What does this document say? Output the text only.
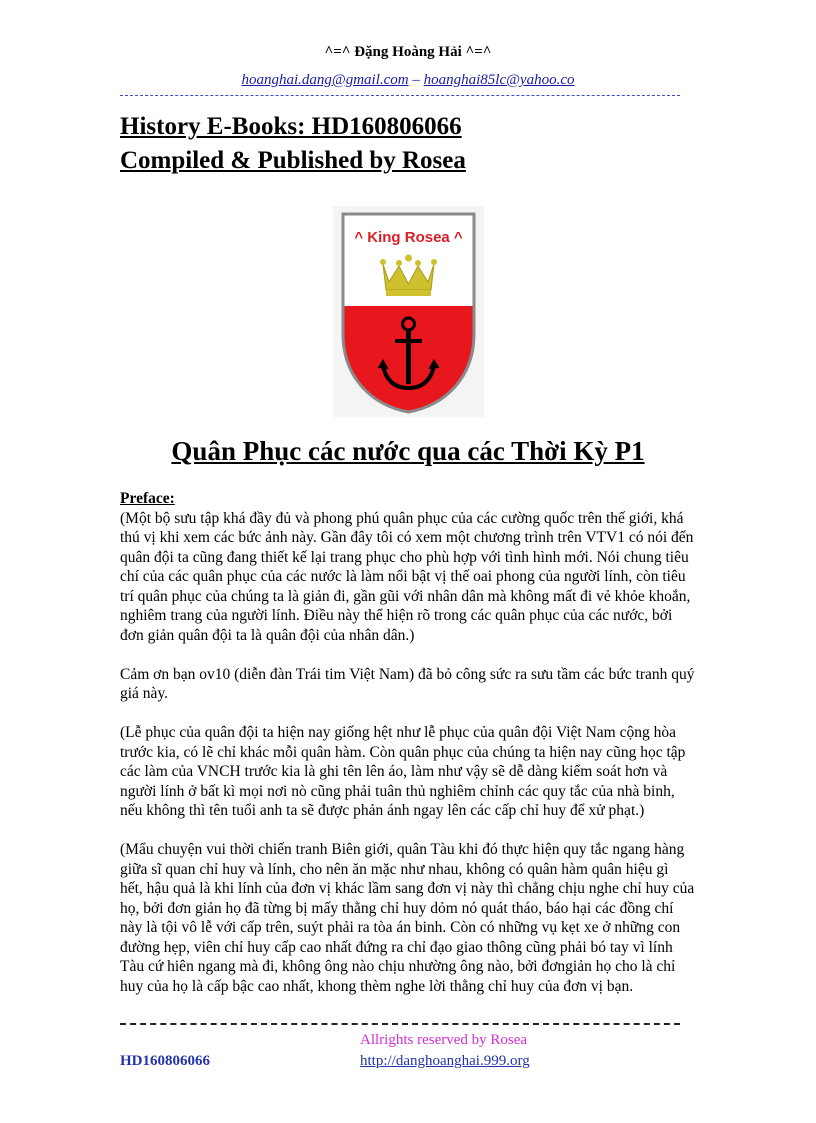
^=^ Đặng Hoàng Hải ^=^
hoanghai.dang@gmail.com – hoanghai85lc@yahoo.co
History E-Books: HD160806066
Compiled & Published by Rosea
^ King Rosea ^
Quân Phục các nước qua các Thời Kỳ P1
Preface:

(Một bộ sưu tập khá đầy đủ và phong phú quân phục của các cường quốc trên thế giới, khá thú vị khi xem các bức ảnh này. Gần đây tôi có xem một chương trình trên VTV1 có nói đến quân đội ta cũng đang thiết kế lại trang phục cho phù hợp với tình hình mới. Nói chung tiêu chí của các quân phục của các nước là làm nổi bật vị thế oai phong của người lính, còn tiêu trí quân phục của chúng ta là giản đi, gần gũi với nhân dân mà không mất đi vẻ khỏe khoắn, nghiêm trang của người lính. Điều này thể hiện rõ trong các quân phục của các nước, bởi đơn giản quân đội ta là quân đội của nhân dân.)

Cảm ơn bạn ov10 (diễn đàn Trái tim Việt Nam) đã bỏ công sức ra sưu tầm các bức tranh quý giá này.

(Lễ phục của quân đội ta hiện nay giống hệt như lễ phục của quân đội Việt Nam cộng hòa trước kia, có lẽ chỉ khác mỗi quân hàm. Còn quân phục của chúng ta hiện nay cũng học tập các làm của VNCH trước kia là ghi tên lên áo, làm như vậy sẽ dễ dàng kiểm soát hơn và người lính ở bất kì mọi nơi nò cũng phải tuân thủ nghiêm chỉnh các quy tắc của nhà binh, nếu không thì tên tuổi anh ta sẽ được phản ánh ngay lên các cấp chỉ huy để xử phạt.)

(Mẩu chuyện vui thời chiến tranh Biên giới, quân Tàu khi đó thực hiện quy tắc ngang hàng giữa sĩ quan chỉ huy và lính, cho nên ăn mặc như nhau, không có quân hàm quân hiệu gì hết, hậu quả là khi lính của đơn vị khác lầm sang đơn vị này thì chẳng chịu nghe chỉ huy của họ, bởi đơn giản họ đã từng bị mấy thằng chỉ huy dỏm nó quát tháo, báo hại các đồng chí này là tội vô lễ với cấp trên, suýt phải ra tòa án binh. Còn có những vụ kẹt xe ở những con đường hẹp, viên chỉ huy cấp cao nhất đứng ra chỉ đạo giao thông cũng phải bó tay vì lính Tàu cứ hiên ngang mà đi, không ông nào chịu nhường ông nào, bởi đơngiản họ cho là chỉ huy của họ là cấp bậc cao nhất, khong thèm nghe lời thằng chỉ huy của đơn vị bạn.

Allrights reserved by Rosea
HD160806066	http://danghoanghai.999.org
